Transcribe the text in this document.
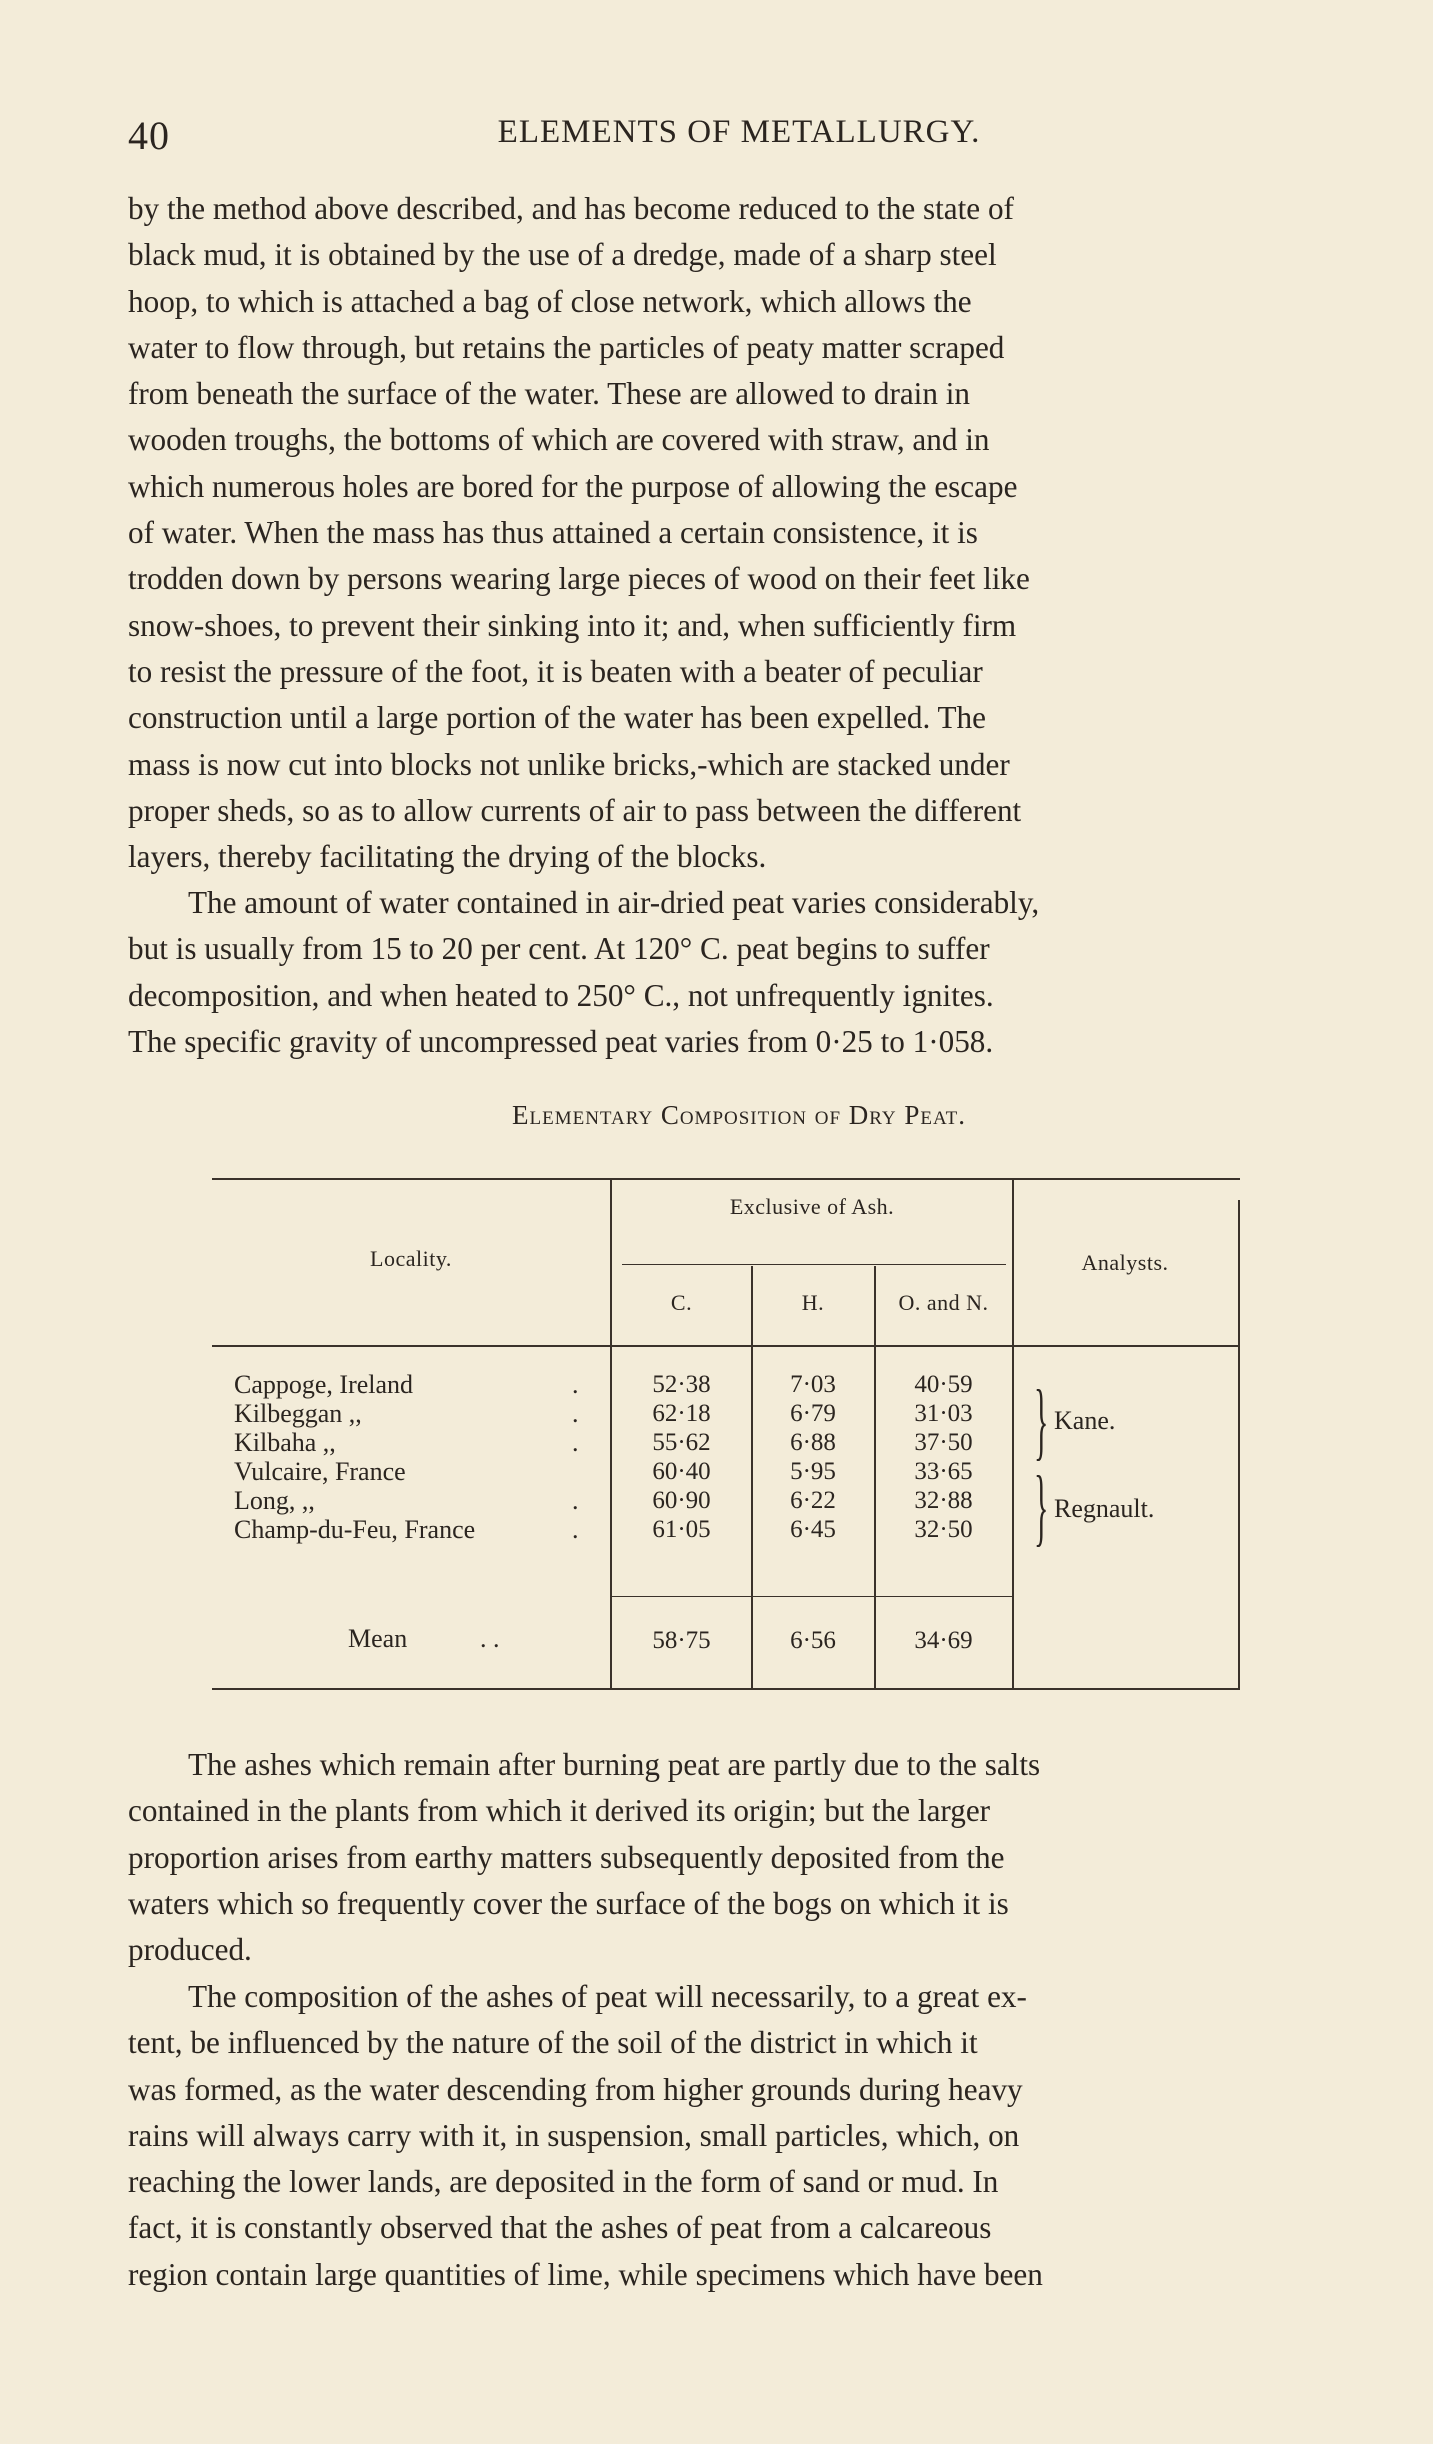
40	ELEMENTS OF METALLURGY.
by the method above described, and has become reduced to the state of
black mud, it is obtained by the use of a dredge, made of a sharp steel
hoop, to which is attached a bag of close network, which allows the
water to flow through, but retains the particles of peaty matter scraped
from beneath the surface of the water. These are allowed to drain in
wooden troughs, the bottoms of which are covered with straw, and in
which numerous holes are bored for the purpose of allowing the escape
of water. When the mass has thus attained a certain consistence, it is
trodden down by persons wearing large pieces of wood on their feet like
snow-shoes, to prevent their sinking into it; and, when sufficiently firm
to resist the pressure of the foot, it is beaten with a beater of peculiar
construction until a large portion of the water has been expelled. The
mass is now cut into blocks not unlike bricks,-which are stacked under
proper sheds, so as to allow currents of air to pass between the different
layers, thereby facilitating the drying of the blocks.
The amount of water contained in air-dried peat varies considerably,
but is usually from 15 to 20 per cent. At 120° C. peat begins to suffer
decomposition, and when heated to 250° C., not unfrequently ignites.
The specific gravity of uncompressed peat varies from 0·25 to 1·058.
Elementary Composition of Dry Peat.
Locality.
Exclusive of Ash.
C.	H.	O. and N.
Analysts.
Cappoge, Ireland	.	52·38	7·03	40·59
Kilbeggan ,,	.	62·18	6·79	31·03
Kilbaha ,,	.	55·62	6·88	37·50
Vulcaire, France	60·40	5·95	33·65
Long, ,,	.	60·90	6·22	32·88
Champ-du-Feu, France	.	61·05	6·45	32·50
} Kane.
} Regnault.
Mean	. .	58·75	6·56	34·69
The ashes which remain after burning peat are partly due to the salts
contained in the plants from which it derived its origin; but the larger
proportion arises from earthy matters subsequently deposited from the
waters which so frequently cover the surface of the bogs on which it is
produced.
The composition of the ashes of peat will necessarily, to a great ex-
tent, be influenced by the nature of the soil of the district in which it
was formed, as the water descending from higher grounds during heavy
rains will always carry with it, in suspension, small particles, which, on
reaching the lower lands, are deposited in the form of sand or mud. In
fact, it is constantly observed that the ashes of peat from a calcareous
region contain large quantities of lime, while specimens which have been
